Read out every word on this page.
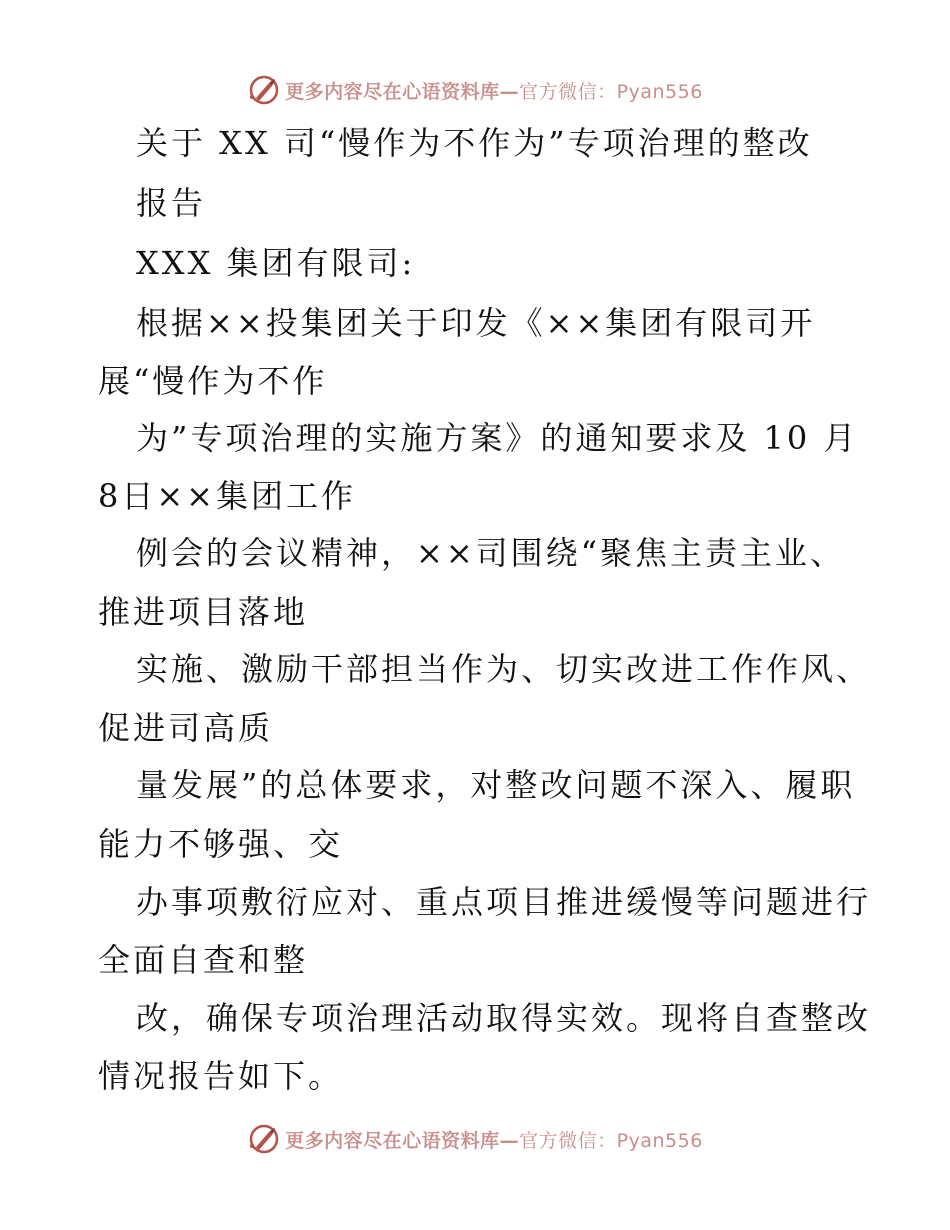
更多内容尽在心语资料库—官方微信：Pyan556
关于 XX 司“慢作为不作为”专项治理的整改
报告
XXX 集团有限司:
根据××投集团关于印发《××集团有限司开
展“慢作为不作
为”专项治理的实施方案》的通知要求及 10 月
8日××集团工作
例会的会议精神，××司围绕“聚焦主责主业、
推进项目落地
实施、激励干部担当作为、切实改进工作作风、
促进司高质
量发展”的总体要求，对整改问题不深入、履职
能力不够强、交
办事项敷衍应对、重点项目推进缓慢等问题进行
全面自查和整
改，确保专项治理活动取得实效。现将自查整改
情况报告如下。
更多内容尽在心语资料库—官方微信：Pyan556
